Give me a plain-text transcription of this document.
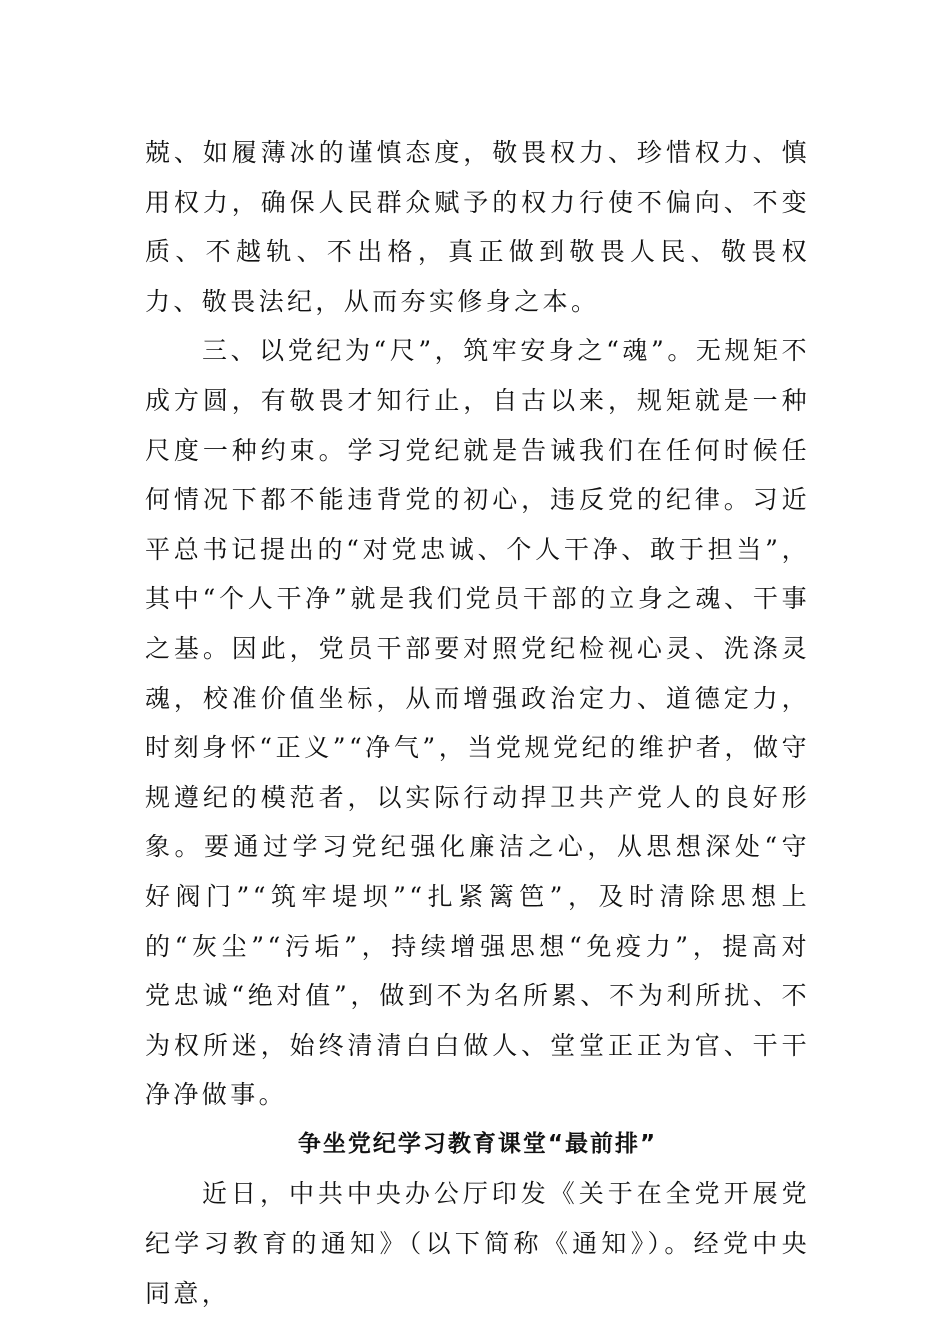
兢、如履薄冰的谨慎态度，敬畏权力、珍惜权力、慎用权力，确保人民群众赋予的权力行使不偏向、不变质、不越轨、不出格，真正做到敬畏人民、敬畏权力、敬畏法纪，从而夯实修身之本。

三、以党纪为“尺”，筑牢安身之“魂”。无规矩不成方圆，有敬畏才知行止，自古以来，规矩就是一种尺度一种约束。学习党纪就是告诫我们在任何时候任何情况下都不能违背党的初心，违反党的纪律。习近平总书记提出的“对党忠诚、个人干净、敢于担当”，其中“个人干净”就是我们党员干部的立身之魂、干事之基。因此，党员干部要对照党纪检视心灵、洗涤灵魂，校准价值坐标，从而增强政治定力、道德定力，时刻身怀“正义”“净气”，当党规党纪的维护者，做守规遵纪的模范者，以实际行动捍卫共产党人的良好形象。要通过学习党纪强化廉洁之心，从思想深处“守好阀门”“筑牢堤坝”“扎紧篱笆”，及时清除思想上的“灰尘”“污垢”，持续增强思想“免疫力”，提高对党忠诚“绝对值”，做到不为名所累、不为利所扰、不为权所迷，始终清清白白做人、堂堂正正为官、干干净净做事。

争坐党纪学习教育课堂“最前排”

近日，中共中央办公厅印发《关于在全党开展党纪学习教育的通知》（以下简称《通知》）。经党中央同意，
